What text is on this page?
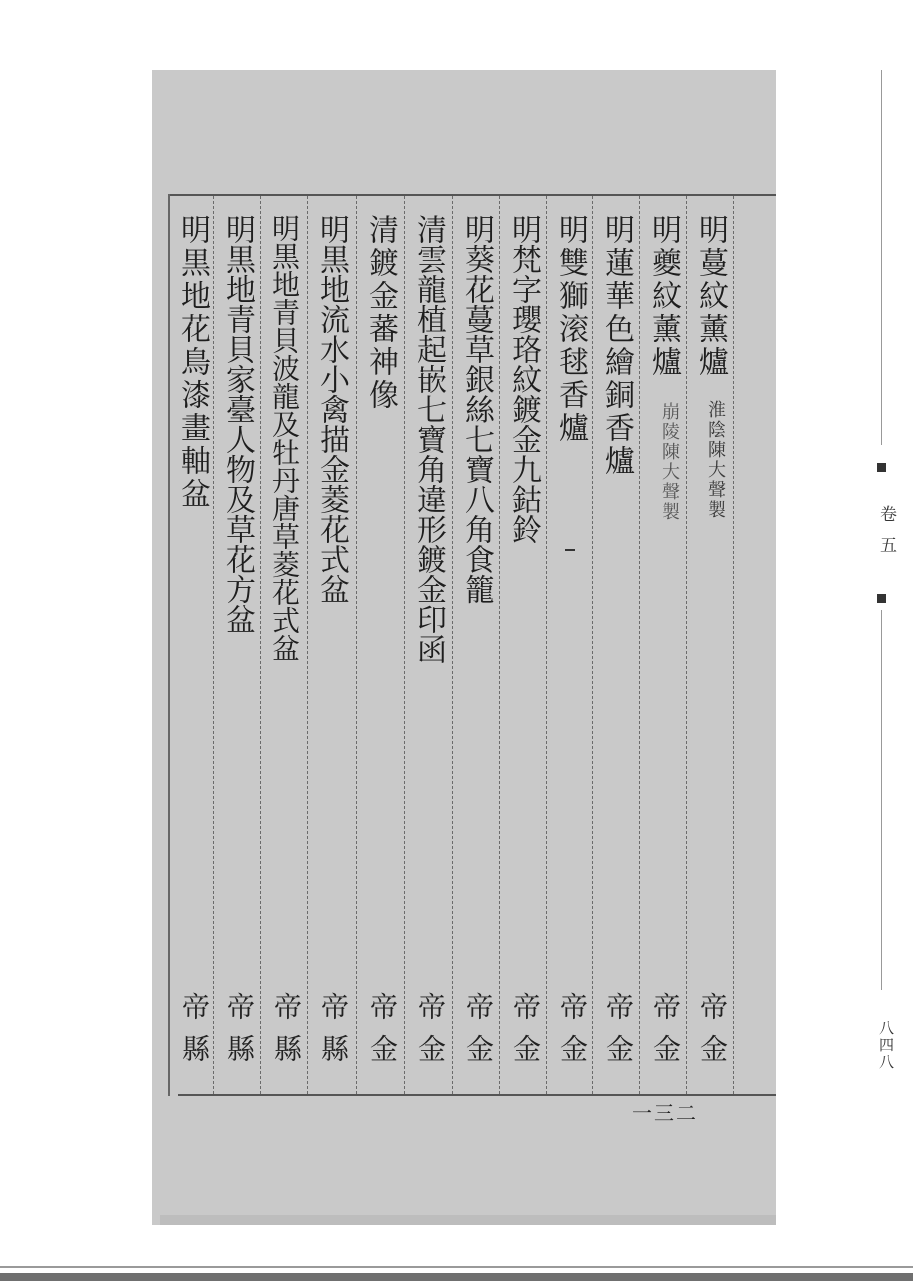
明蔓紋薰爐
淮陰陳大聲製
帝金
明夔紋薰爐
崩陵陳大聲製
帝金
明蓮華色繪銅香爐
帝金
明雙獅滚毬香爐
帝金
明梵字瓔珞紋鍍金九鈷鈴
帝金
明葵花蔓草銀絲七寶八角食籠
帝金
清雲龍植起嵌七寶角違形鍍金印函
帝金
清鍍金蕃神像
帝金
明黒地流水小禽描金菱花式盆
帝縣
明黒地青貝波龍及牡丹唐草菱花式盆
帝縣
明黒地青貝家臺人物及草花方盆
帝縣
明黒地花鳥漆畫軸盆
帝縣
一三二
卷五
八四八
